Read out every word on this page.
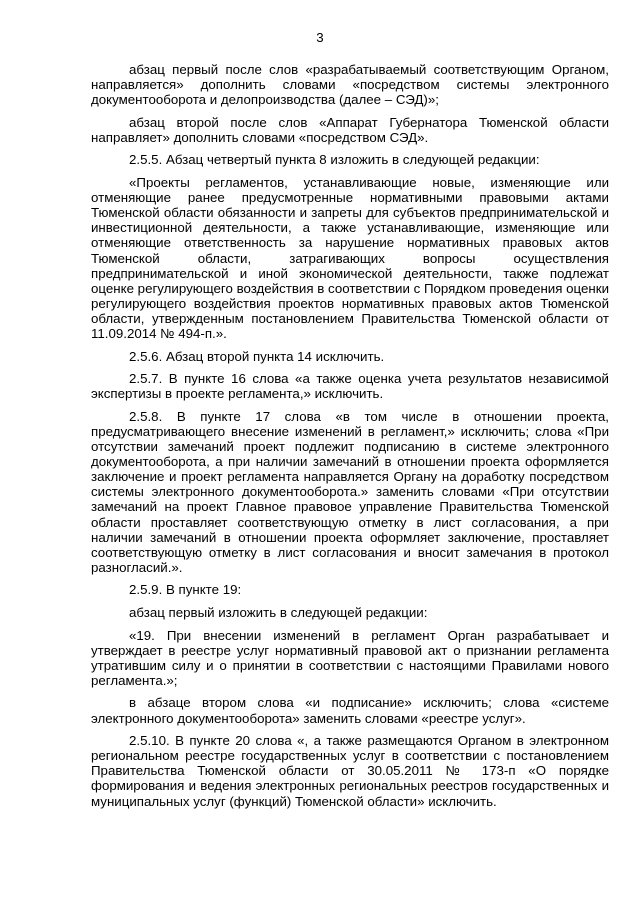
3

абзац первый после слов «разрабатываемый соответствующим Органом, направляется» дополнить словами «посредством системы электронного документооборота и делопроизводства (далее – СЭД)»;

абзац второй после слов «Аппарат Губернатора Тюменской области направляет» дополнить словами «посредством СЭД».

2.5.5. Абзац четвертый пункта 8 изложить в следующей редакции:

«Проекты регламентов, устанавливающие новые, изменяющие или отменяющие ранее предусмотренные нормативными правовыми актами Тюменской области обязанности и запреты для субъектов предпринимательской и инвестиционной деятельности, а также устанавливающие, изменяющие или отменяющие ответственность за нарушение нормативных правовых актов Тюменской области, затрагивающих вопросы осуществления предпринимательской и иной экономической деятельности, также подлежат оценке регулирующего воздействия в соответствии с Порядком проведения оценки регулирующего воздействия проектов нормативных правовых актов Тюменской области, утвержденным постановлением Правительства Тюменской области от 11.09.2014 № 494-п.».

2.5.6. Абзац второй пункта 14 исключить.

2.5.7. В пункте 16 слова «а также оценка учета результатов независимой экспертизы в проекте регламента,» исключить.

2.5.8. В пункте 17 слова «в том числе в отношении проекта, предусматривающего внесение изменений в регламент,» исключить; слова «При отсутствии замечаний проект подлежит подписанию в системе электронного документооборота, а при наличии замечаний в отношении проекта оформляется заключение и проект регламента направляется Органу на доработку посредством системы электронного документооборота.» заменить словами «При отсутствии замечаний на проект Главное правовое управление Правительства Тюменской области проставляет соответствующую отметку в лист согласования, а при наличии замечаний в отношении проекта оформляет заключение, проставляет соответствующую отметку в лист согласования и вносит замечания в протокол разногласий.».

2.5.9. В пункте 19:

абзац первый изложить в следующей редакции:

«19. При внесении изменений в регламент Орган разрабатывает и утверждает в реестре услуг нормативный правовой акт о признании регламента утратившим силу и о принятии в соответствии с настоящими Правилами нового регламента.»;

в абзаце втором слова «и подписание» исключить; слова «системе электронного документооборота» заменить словами «реестре услуг».

2.5.10. В пункте 20 слова «, а также размещаются Органом в электронном региональном реестре государственных услуг в соответствии с постановлением Правительства Тюменской области от 30.05.2011 № 173-п «О порядке формирования и ведения электронных региональных реестров государственных и муниципальных услуг (функций) Тюменской области» исключить.
